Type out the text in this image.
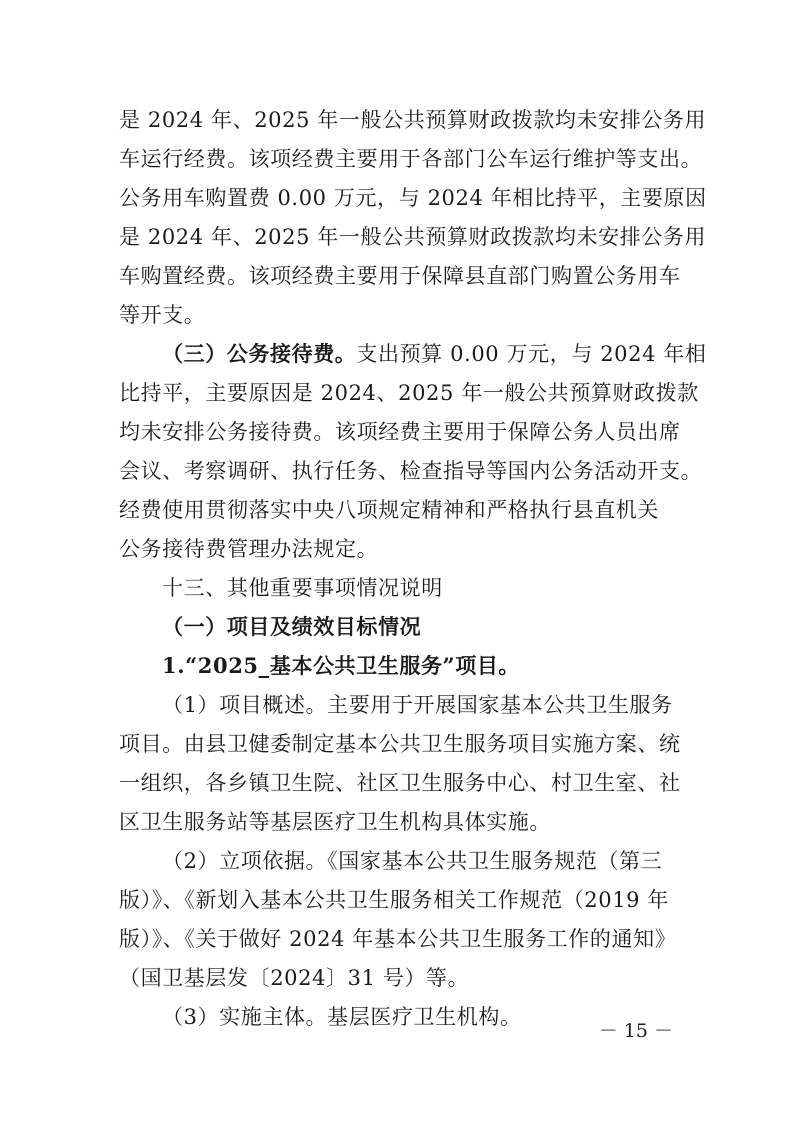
是 2024 年、2025 年一般公共预算财政拨款均未安排公务用
车运行经费。该项经费主要用于各部门公车运行维护等支出。
公务用车购置费 0.00 万元，与 2024 年相比持平，主要原因
是 2024 年、2025 年一般公共预算财政拨款均未安排公务用
车购置经费。该项经费主要用于保障县直部门购置公务用车
等开支。
（三）公务接待费。支出预算 0.00 万元，与 2024 年相
比持平，主要原因是 2024、2025 年一般公共预算财政拨款
均未安排公务接待费。该项经费主要用于保障公务人员出席
会议、考察调研、执行任务、检查指导等国内公务活动开支。
经费使用贯彻落实中央八项规定精神和严格执行县直机关
公务接待费管理办法规定。
十三、其他重要事项情况说明
（一）项目及绩效目标情况
1.“2025_基本公共卫生服务”项目。
（1）项目概述。主要用于开展国家基本公共卫生服务
项目。由县卫健委制定基本公共卫生服务项目实施方案、统
一组织，各乡镇卫生院、社区卫生服务中心、村卫生室、社
区卫生服务站等基层医疗卫生机构具体实施。
（2）立项依据。《国家基本公共卫生服务规范（第三
版）》、《新划入基本公共卫生服务相关工作规范（2019 年
版）》、《关于做好 2024 年基本公共卫生服务工作的通知》
（国卫基层发〔2024〕31 号）等。
（3）实施主体。基层医疗卫生机构。
－ 15 －
